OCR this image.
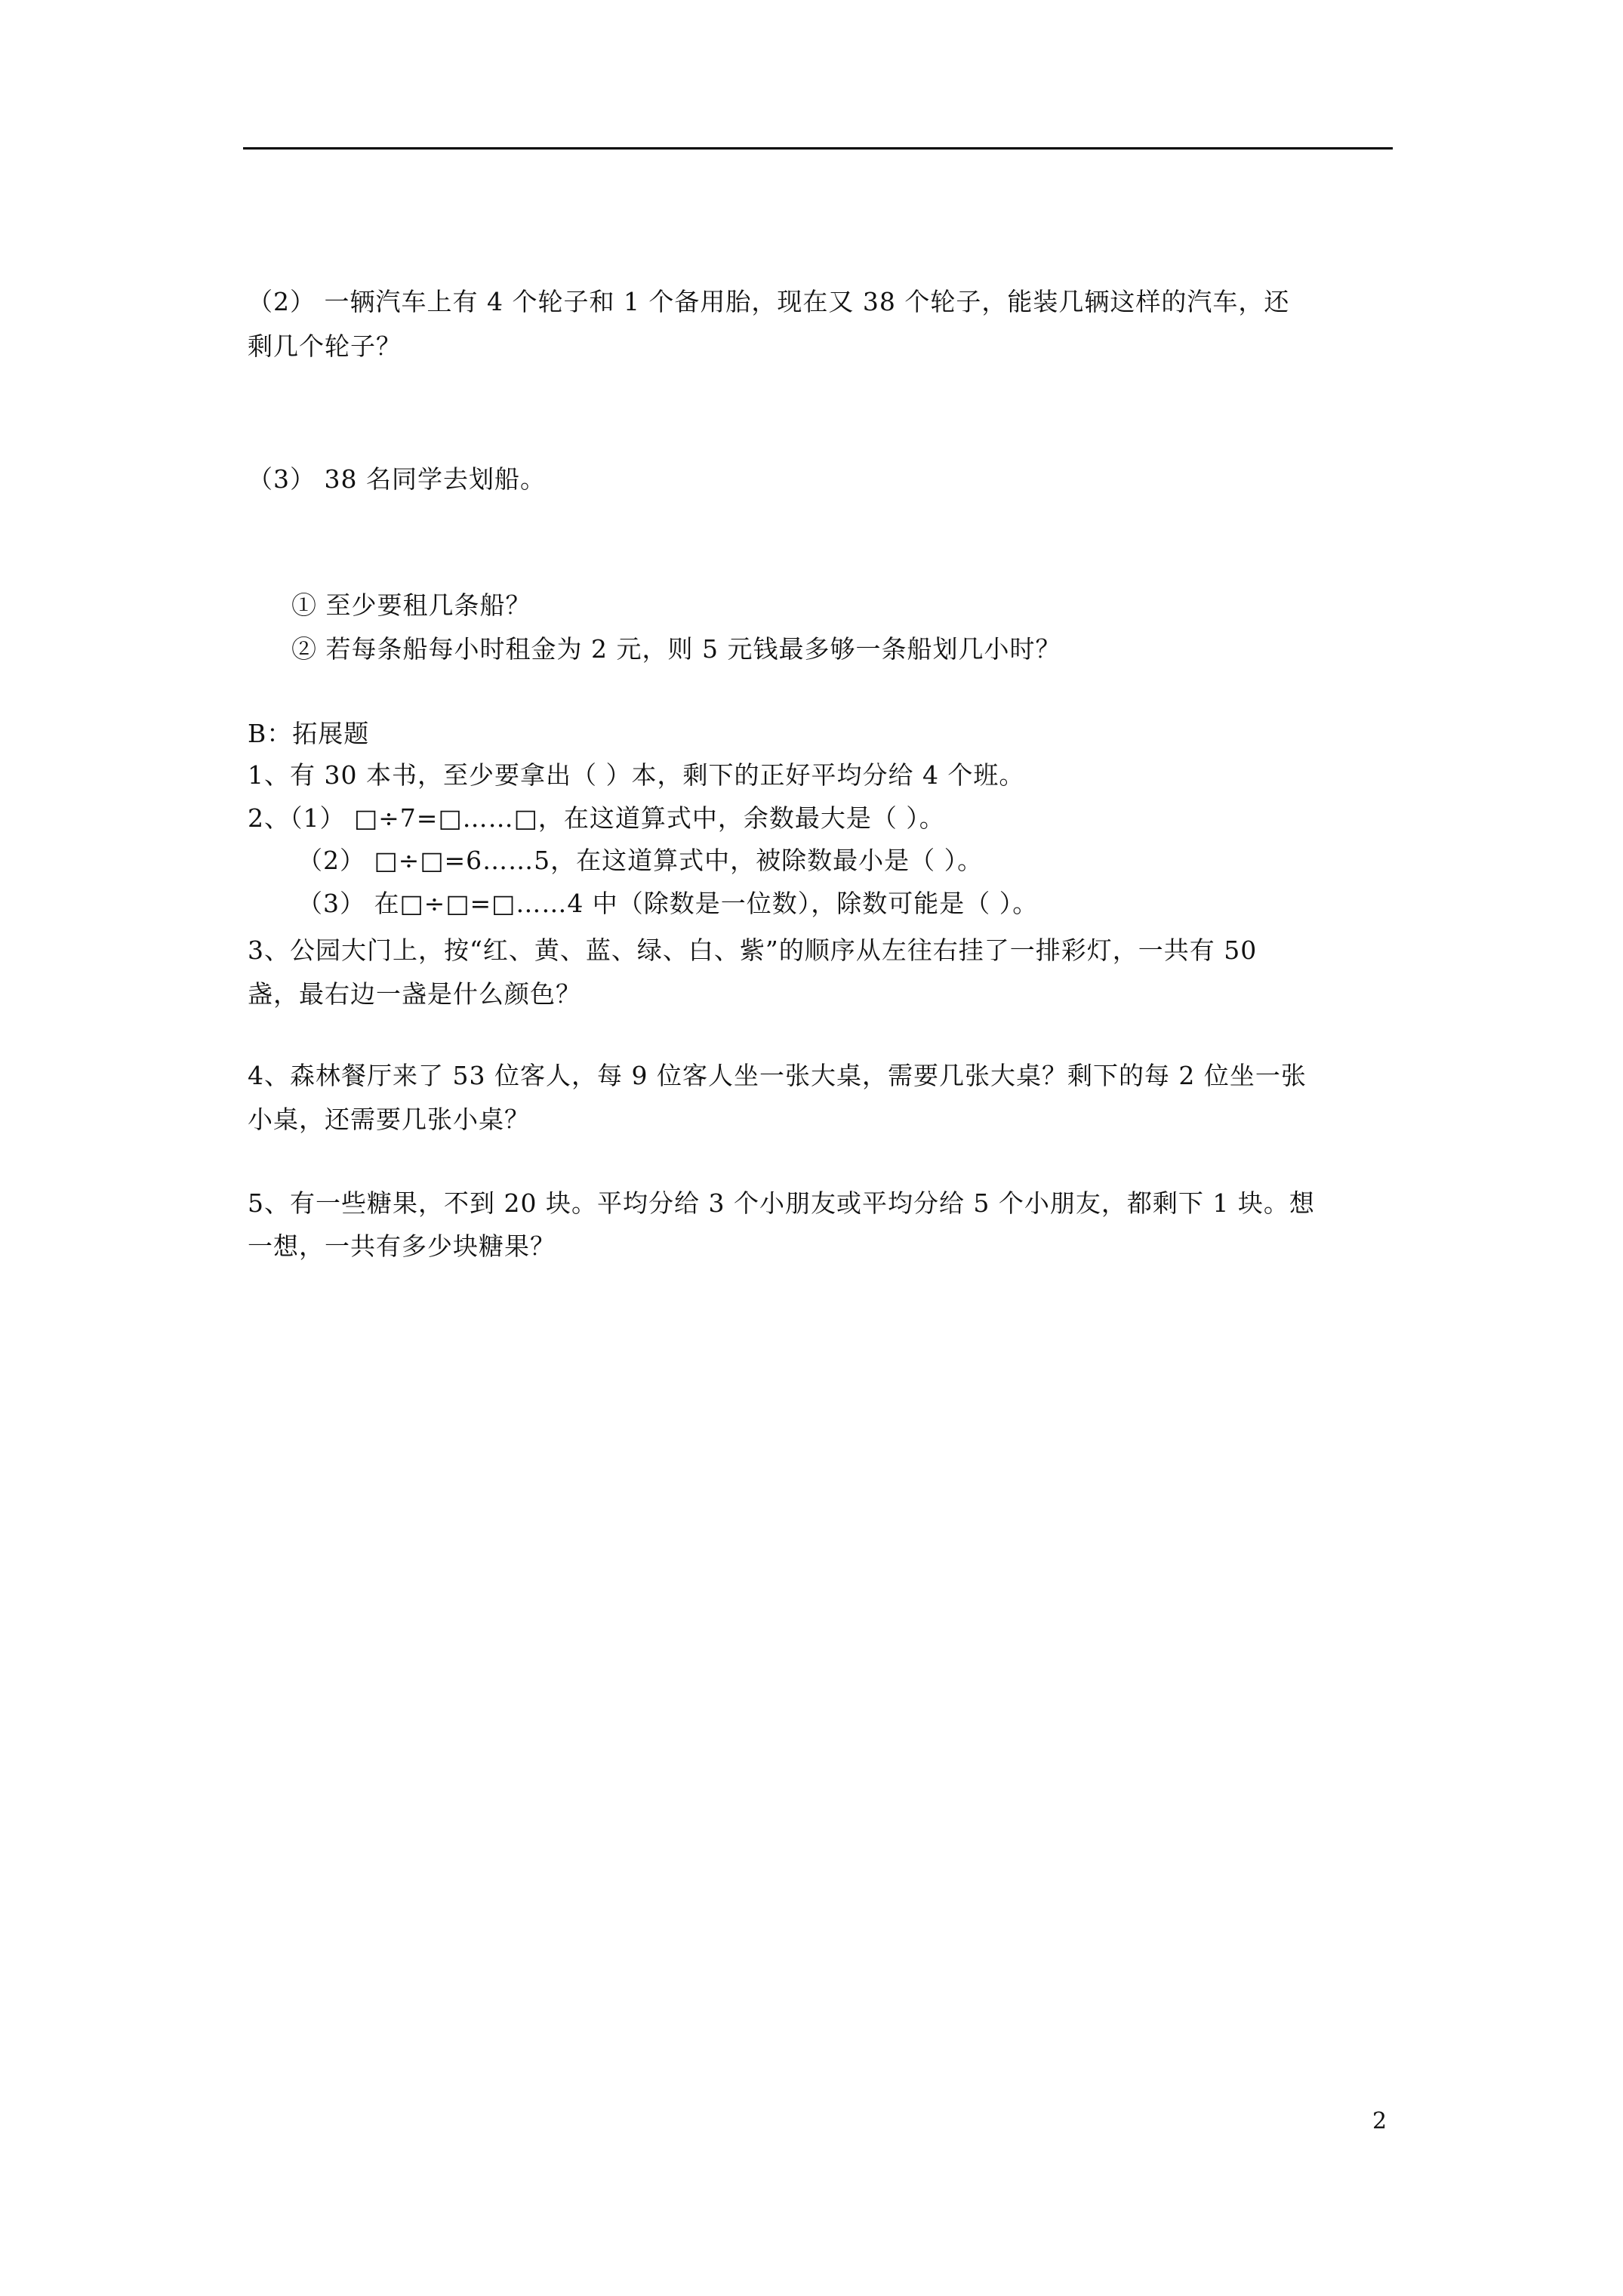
（2） 一辆汽车上有 4 个轮子和 1 个备用胎，现在又 38 个轮子，能装几辆这样的汽车，还
剩几个轮子？
（3） 38 名同学去划船。
① 至少要租几条船？
② 若每条船每小时租金为 2 元，则 5 元钱最多够一条船划几小时？
B：拓展题
1、有 30 本书，至少要拿出（ ）本，剩下的正好平均分给 4 个班。
2、（1） □÷7=□……□，在这道算式中，余数最大是（ ）。
（2） □÷□=6……5，在这道算式中，被除数最小是（ ）。
（3） 在□÷□=□……4 中（除数是一位数），除数可能是（ ）。
3、公园大门上，按“红、黄、蓝、绿、白、紫”的顺序从左往右挂了一排彩灯，一共有 50
盏，最右边一盏是什么颜色？
4、森林餐厅来了 53 位客人，每 9 位客人坐一张大桌，需要几张大桌？剩下的每 2 位坐一张
小桌，还需要几张小桌？
5、有一些糖果，不到 20 块。平均分给 3 个小朋友或平均分给 5 个小朋友，都剩下 1 块。想
一想，一共有多少块糖果？
2
